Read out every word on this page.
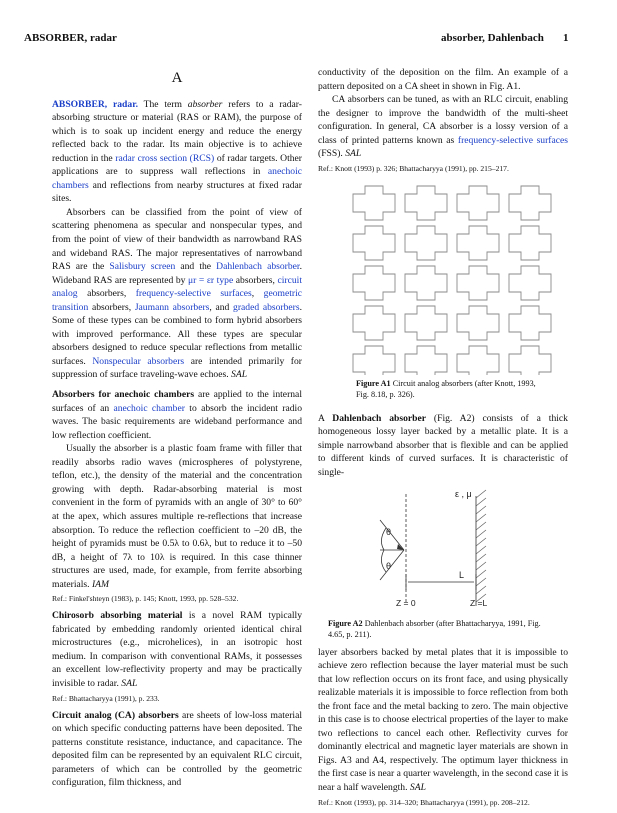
ABSORBER, radar	absorber, Dahlenbach 1
A

ABSORBER, radar. The term absorber refers to a radar-absorbing structure or material (RAS or RAM), the purpose of which is to soak up incident energy and reduce the energy reflected back to the radar. Its main objective is to achieve reduction in the radar cross section (RCS) of radar targets. Other applications are to suppress wall reflections in anechoic chambers and reflections from nearby structures at fixed radar sites.

Absorbers can be classified from the point of view of scattering phenomena as specular and nonspecular types, and from the point of view of their bandwidth as narrowband RAS and wideband RAS. The major representatives of narrowband RAS are the Salisbury screen and the Dahlenbach absorber. Wideband RAS are represented by μr = εr type absorbers, circuit analog absorbers, frequency-selective surfaces, geometric transition absorbers, Jaumann absorbers, and graded absorbers. Some of these types can be combined to form hybrid absorbers with improved performance. All these types are specular absorbers designed to reduce specular reflections from metallic surfaces. Nonspecular absorbers are intended primarily for suppression of surface traveling-wave echoes. SAL

Absorbers for anechoic chambers are applied to the internal surfaces of an anechoic chamber to absorb the incident radio waves. The basic requirements are wideband performance and low reflection coefficient.

Usually the absorber is a plastic foam frame with filler that readily absorbs radio waves (microspheres of polystyrene, teflon, etc.), the density of the material and the concentration growing with depth. Radar-absorbing material is most convenient in the form of pyramids with an angle of 30° to 60° at the apex, which assures multiple re-reflections that increase absorption. To reduce the reflection coefficient to –20 dB, the height of pyramids must be 0.5λ to 0.6λ, but to reduce it to –50 dB, a height of 7λ to 10λ is required. In this case thinner structures are used, made, for example, from ferrite absorbing materials. IAM

Ref.: Finkel'shteyn (1983), p. 145; Knott, 1993, pp. 528–532.

Chirosorb absorbing material is a novel RAM typically fabricated by embedding randomly oriented identical chiral microstructures (e.g., microhelices), in an isotropic host medium. In comparison with conventional RAMs, it possesses an excellent low-reflectivity property and may be practically invisible to radar. SAL

Ref.: Bhattacharyya (1991), p. 233.

Circuit analog (CA) absorbers are sheets of low-loss material on which specific conducting patterns have been deposited. The patterns constitute resistance, inductance, and capacitance. The deposited film can be represented by an equivalent RLC circuit, parameters of which can be controlled by the geometric configuration, film thickness, and

conductivity of the deposition on the film. An example of a pattern deposited on a CA sheet in shown in Fig. A1.

CA absorbers can be tuned, as with an RLC circuit, enabling the designer to improve the bandwidth of the multi-sheet configuration. In general, CA absorber is a lossy version of a class of printed patterns known as frequency-selective surfaces (FSS). SAL

Ref.: Knott (1993) p. 326; Bhattacharyya (1991), pp. 215–217.

Figure A1 Circuit analog absorbers (after Knott, 1993, Fig. 8.18, p. 326).

A Dahlenbach absorber (Fig. A2) consists of a thick homogeneous lossy layer backed by a metallic plate. It is a simple narrowband absorber that is flexible and can be applied to different kinds of curved surfaces. It is characteristic of single-

ε , μ
θ
θ
L
Z = 0	Z =L

Figure A2 Dahlenbach absorber (after Bhattacharyya, 1991, Fig. 4.65, p. 211).

layer absorbers backed by metal plates that it is impossible to achieve zero reflection because the layer material must be such that low reflection occurs on its front face, and using physically realizable materials it is impossible to force reflection from both the front face and the metal backing to zero. The main objective in this case is to choose electrical properties of the layer to make two reflections to cancel each other. Reflectivity curves for dominantly electrical and magnetic layer materials are shown in Figs. A3 and A4, respectively. The optimum layer thickness in the first case is near a quarter wavelength, in the second case it is near a half wavelength. SAL

Ref.: Knott (1993), pp. 314–320; Bhattacharyya (1991), pp. 208–212.
